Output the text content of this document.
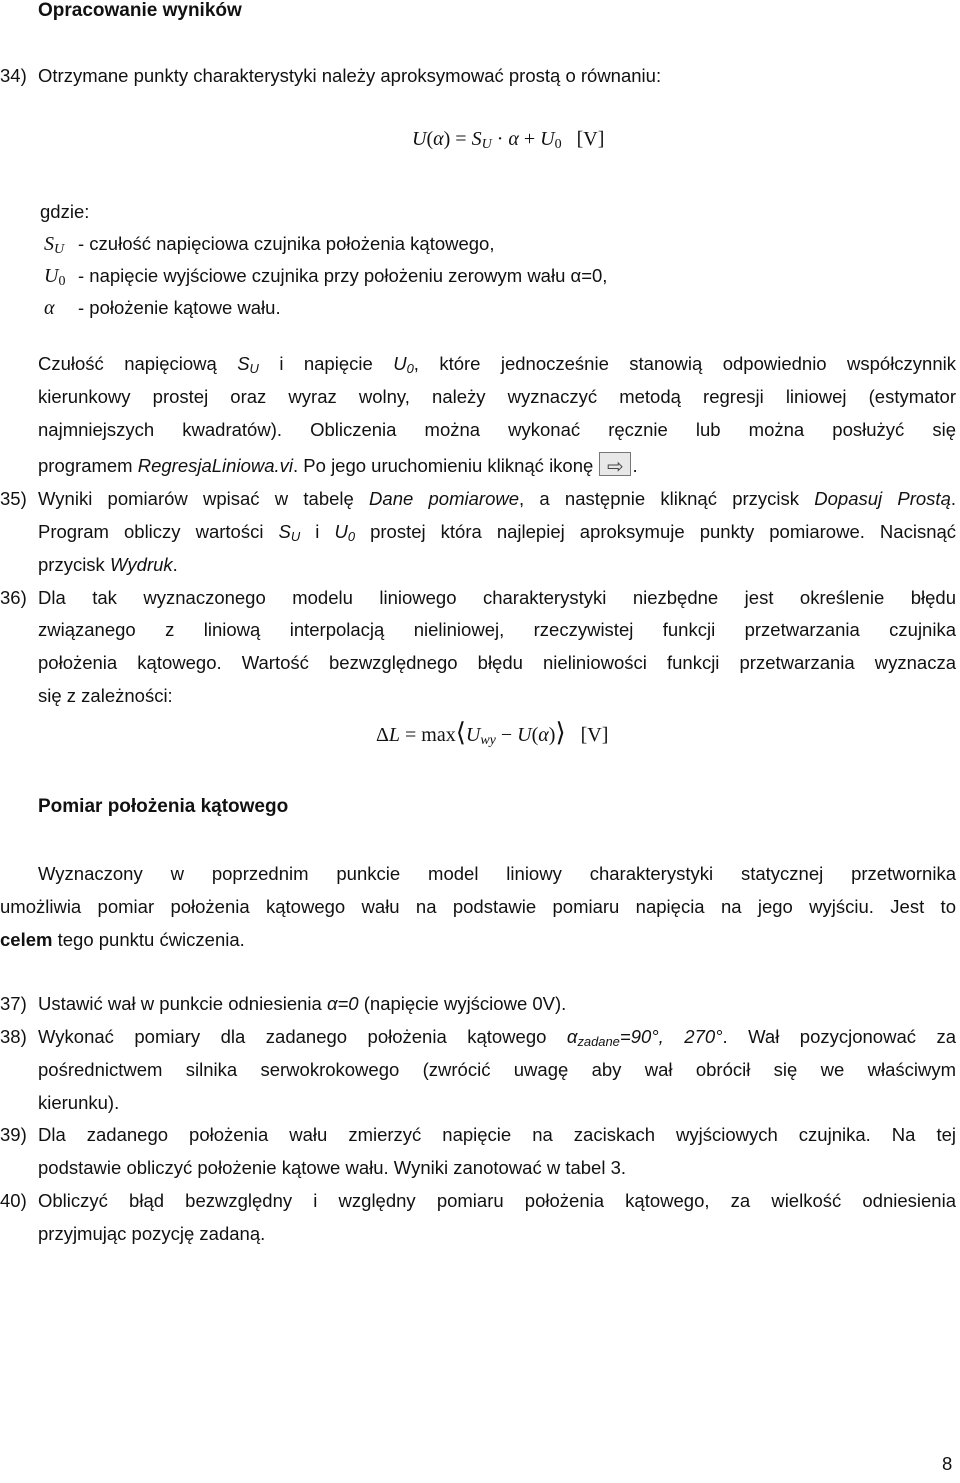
Opracowanie wyników
34) Otrzymane punkty charakterystyki należy aproksymować prostą o równaniu:
$U(\alpha) = S_U \cdot \alpha + U_0$ [V]
gdzie:
$S_U$ - czułość napięciowa czujnika położenia kątowego,
$U_0$ - napięcie wyjściowe czujnika przy położeniu zerowym wału α=0,
α - położenie kątowe wału.
Czułość napięciową $S_U$ i napięcie $U_0$, które jednocześnie stanowią odpowiednio współczynnik
kierunkowy prostej oraz wyraz wolny, należy wyznaczyć metodą regresji liniowej (estymator
najmniejszych kwadratów). Obliczenia można wykonać ręcznie lub można posłużyć się
programem RegresjaLiniowa.vi. Po jego uruchomieniu kliknąć ikonę ⇨ .
35) Wyniki pomiarów wpisać w tabelę Dane pomiarowe, a następnie kliknąć przycisk Dopasuj Prostą.
Program obliczy wartości $S_U$ i $U_0$ prostej która najlepiej aproksymuje punkty pomiarowe. Nacisnąć
przycisk Wydruk.
36) Dla tak wyznaczonego modelu liniowego charakterystyki niezbędne jest określenie błędu
związanego z liniową interpolacją nieliniowej, rzeczywistej funkcji przetwarzania czujnika
położenia kątowego. Wartość bezwzględnego błędu nieliniowości funkcji przetwarzania wyznacza
się z zależności:
$\Delta L = \max⟨U_{wy}$ − U(α)⟩ [V]
Pomiar położenia kątowego
Wyznaczony w poprzednim punkcie model liniowy charakterystyki statycznej przetwornika
umożliwia pomiar położenia kątowego wału na podstawie pomiaru napięcia na jego wyjściu. Jest to
celem tego punktu ćwiczenia.
37) Ustawić wał w punkcie odniesienia α=0 (napięcie wyjściowe 0V).
38) Wykonać pomiary dla zadanego położenia kątowego $\alpha_{zadane}=90^\circ$, 270°. Wał pozycjonować za
pośrednictwem silnika serwokrokowego (zwrócić uwagę aby wał obrócił się we właściwym
kierunku).
39) Dla zadanego położenia wału zmierzyć napięcie na zaciskach wyjściowych czujnika. Na tej
podstawie obliczyć położenie kątowe wału. Wyniki zanotować w tabel 3.
40) Obliczyć błąd bezwzględny i względny pomiaru położenia kątowego, za wielkość odniesienia
przyjmując pozycję zadaną.
8
